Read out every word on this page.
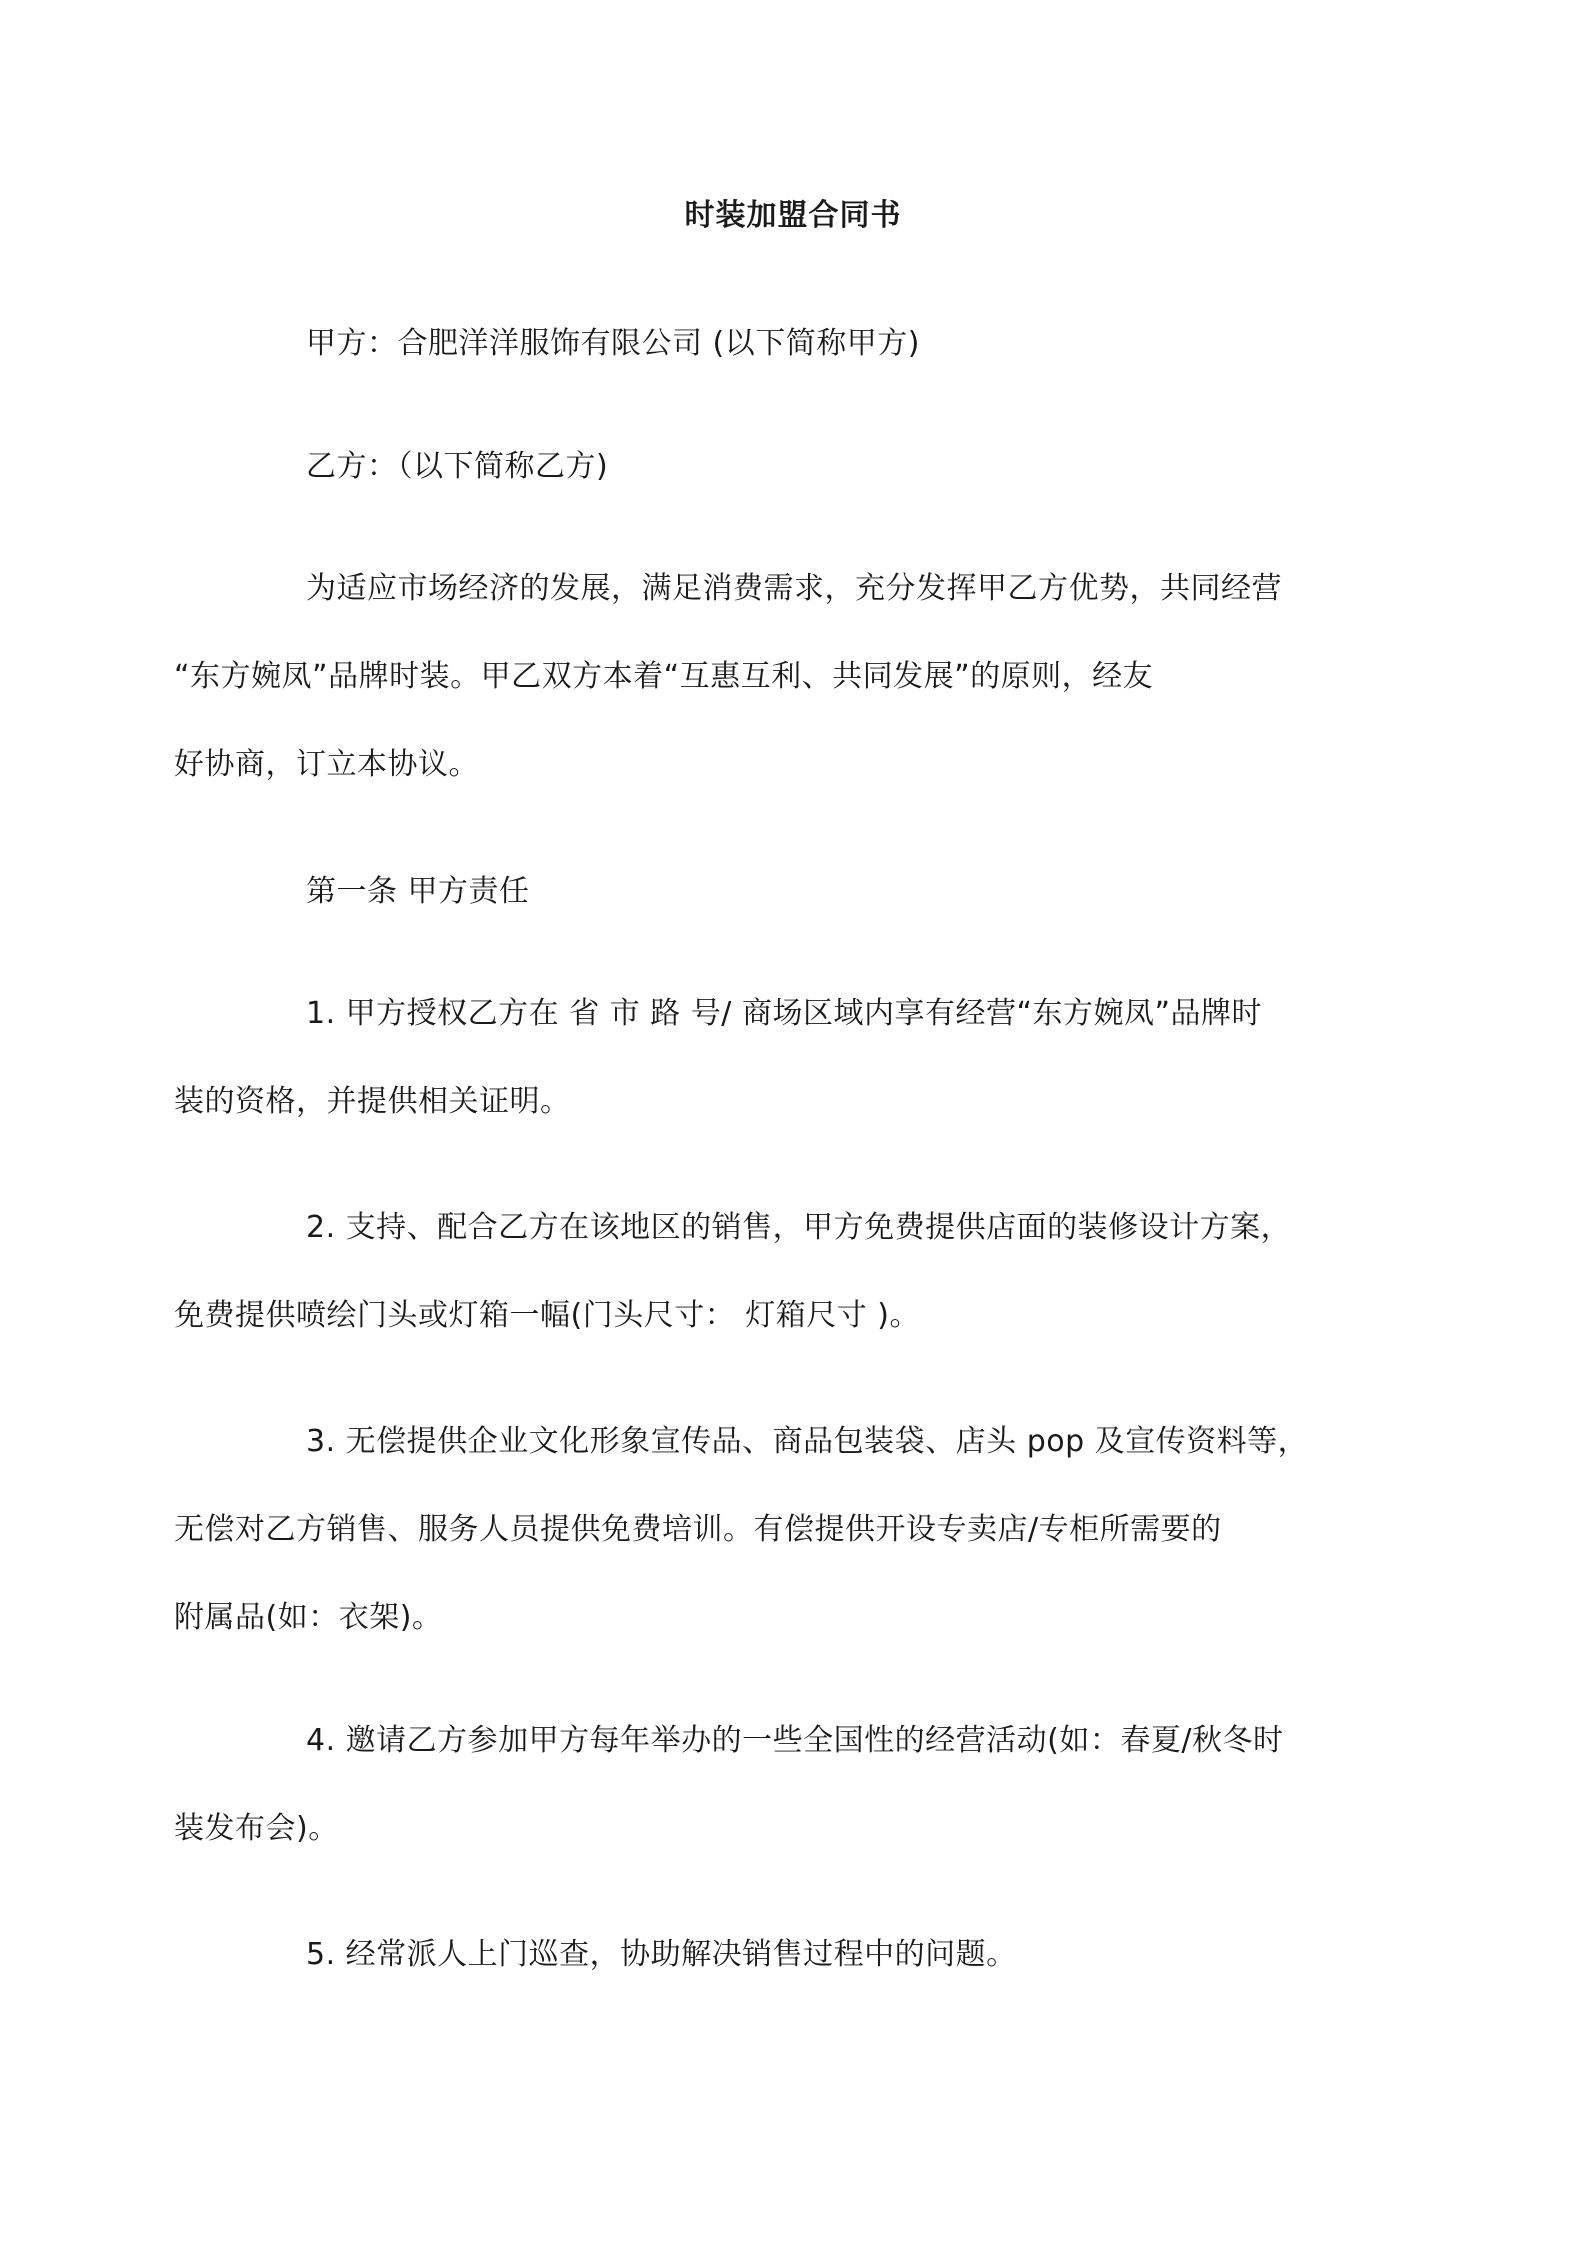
时装加盟合同书
甲方：合肥洋洋服饰有限公司 (以下简称甲方)
乙方：（以下简称乙方)
为适应市场经济的发展，满足消费需求，充分发挥甲乙方优势，共同经营
“东方婉凤”品牌时装。甲乙双方本着“互惠互利、共同发展”的原则，经友
好协商，订立本协议。
第一条 甲方责任
1. 甲方授权乙方在 省 市 路 号/ 商场区域内享有经营“东方婉凤”品牌时
装的资格，并提供相关证明。
2. 支持、配合乙方在该地区的销售，甲方免费提供店面的装修设计方案，
免费提供喷绘门头或灯箱一幅(门头尺寸： 灯箱尺寸 )。
3. 无偿提供企业文化形象宣传品、商品包装袋、店头 pop 及宣传资料等，
无偿对乙方销售、服务人员提供免费培训。有偿提供开设专卖店/专柜所需要的
附属品(如：衣架)。
4. 邀请乙方参加甲方每年举办的一些全国性的经营活动(如：春夏/秋冬时
装发布会)。
5. 经常派人上门巡查，协助解决销售过程中的问题。
